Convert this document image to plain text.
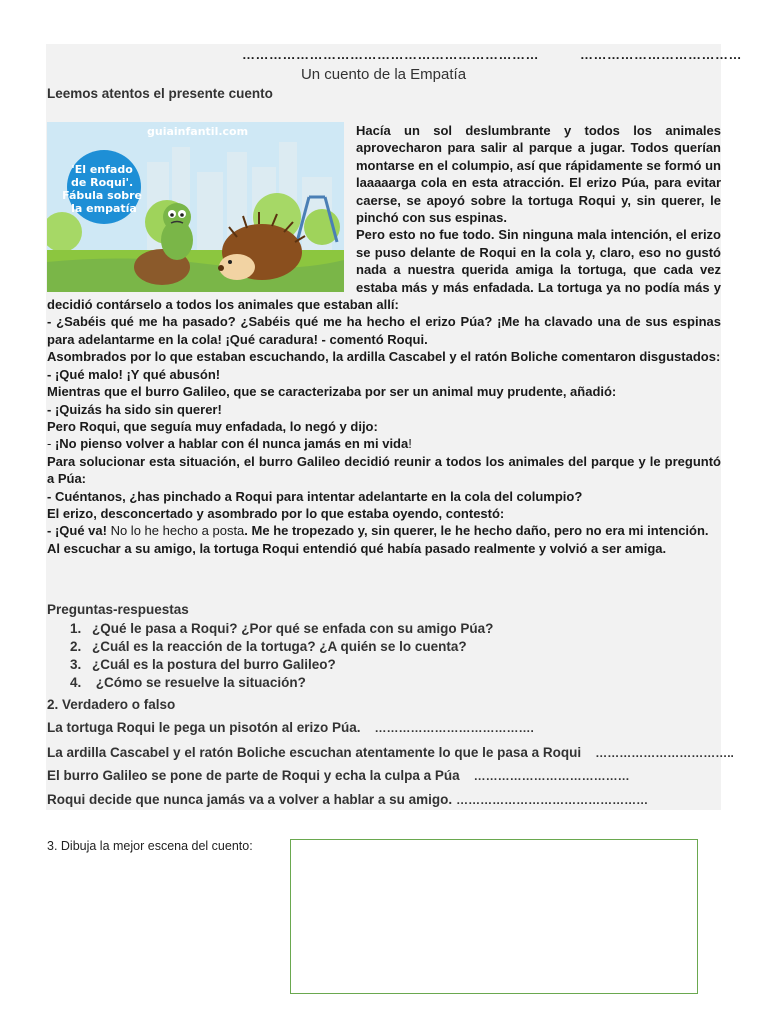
…………………………………………………………	………………………………
Un cuento de la Empatía
Leemos atentos el presente cuento
guiainfantil.com
'El enfado de Roqui'. Fábula sobre la empatía

Hacía un sol deslumbrante y todos los animales aprovecharon para salir al parque a jugar. Todos querían montarse en el columpio, así que rápidamente se formó un laaaaarga cola en esta atracción. El erizo Púa, para evitar caerse, se apoyó sobre la tortuga Roqui y, sin querer, le pinchó con sus espinas.

Pero esto no fue todo. Sin ninguna mala intención, el erizo se puso delante de Roqui en la cola y, claro, eso no gustó nada a nuestra querida amiga la tortuga, que cada vez estaba más y más enfadada. La tortuga ya no podía más y decidió contárselo a todos los animales que estaban allí:

- ¿Sabéis qué me ha pasado? ¿Sabéis qué me ha hecho el erizo Púa? ¡Me ha clavado una de sus espinas para adelantarme en la cola! ¡Qué caradura! - comentó Roqui.

Asombrados por lo que estaban escuchando, la ardilla Cascabel y el ratón Boliche comentaron disgustados:

- ¡Qué malo! ¡Y qué abusón!

Mientras que el burro Galileo, que se caracterizaba por ser un animal muy prudente, añadió:

- ¡Quizás ha sido sin querer!

Pero Roqui, que seguía muy enfadada, lo negó y dijo:

- ¡No pienso volver a hablar con él nunca jamás en mi vida!

Para solucionar esta situación, el burro Galileo decidió reunir a todos los animales del parque y le preguntó a Púa:

- Cuéntanos, ¿has pinchado a Roqui para intentar adelantarte en la cola del columpio?

El erizo, desconcertado y asombrado por lo que estaba oyendo, contestó:

- ¡Qué va! No lo he hecho a posta. Me he tropezado y, sin querer, le he hecho daño, pero no era mi intención.

Al escuchar a su amigo, la tortuga Roqui entendió qué había pasado realmente y volvió a ser amiga.

Preguntas-respuestas
1. ¿Qué le pasa a Roqui? ¿Por qué se enfada con su amigo Púa?
2. ¿Cuál es la reacción de la tortuga? ¿A quién se lo cuenta?
3. ¿Cuál es la postura del burro Galileo?
4. ¿Cómo se resuelve la situación?
2. Verdadero o falso
La tortuga Roqui le pega un pisotón al erizo Púa. ………………………………….
La ardilla Cascabel y el ratón Boliche escuchan atentamente lo que le pasa a Roqui ……………………………..
El burro Galileo se pone de parte de Roqui y echa la culpa a Púa …………………………………
Roqui decide que nunca jamás va a volver a hablar a su amigo. …………………………………………
3. Dibuja la mejor escena del cuento:
